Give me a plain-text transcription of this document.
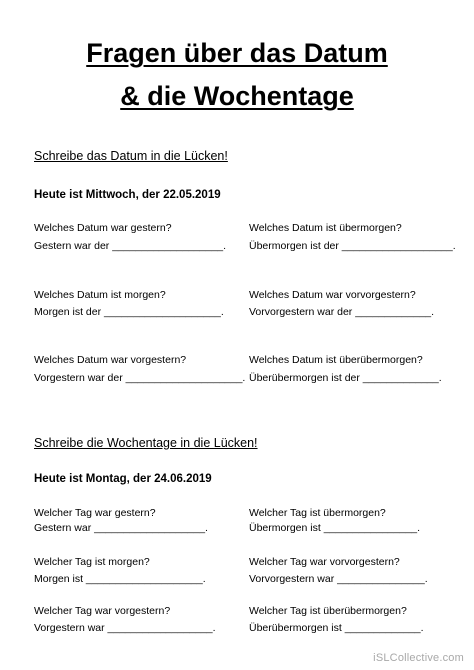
Fragen über das Datum
& die Wochentage
Schreibe das Datum in die Lücken!
Heute ist Mittwoch, der 22.05.2019
Welches Datum war gestern?
Gestern war der ___________________.
Welches Datum ist übermorgen?
Übermorgen ist der ___________________.
Welches Datum ist morgen?
Morgen ist der ____________________.
Welches Datum war vorvorgestern?
Vorvorgestern war der _____________.
Welches Datum war vorgestern?
Vorgestern war der ____________________.
Welches Datum ist überübermorgen?
Überübermorgen ist der _____________.
Schreibe die Wochentage in die Lücken!
Heute ist Montag, der 24.06.2019
Welcher Tag war gestern?
Gestern war ___________________.
Welcher Tag ist übermorgen?
Übermorgen ist ________________.
Welcher Tag ist morgen?
Morgen ist ____________________.
Welcher Tag war vorvorgestern?
Vorvorgestern war _______________.
Welcher Tag war vorgestern?
Vorgestern war __________________.
Welcher Tag ist überübermorgen?
Überübermorgen ist _____________.
iSLCollective.com
